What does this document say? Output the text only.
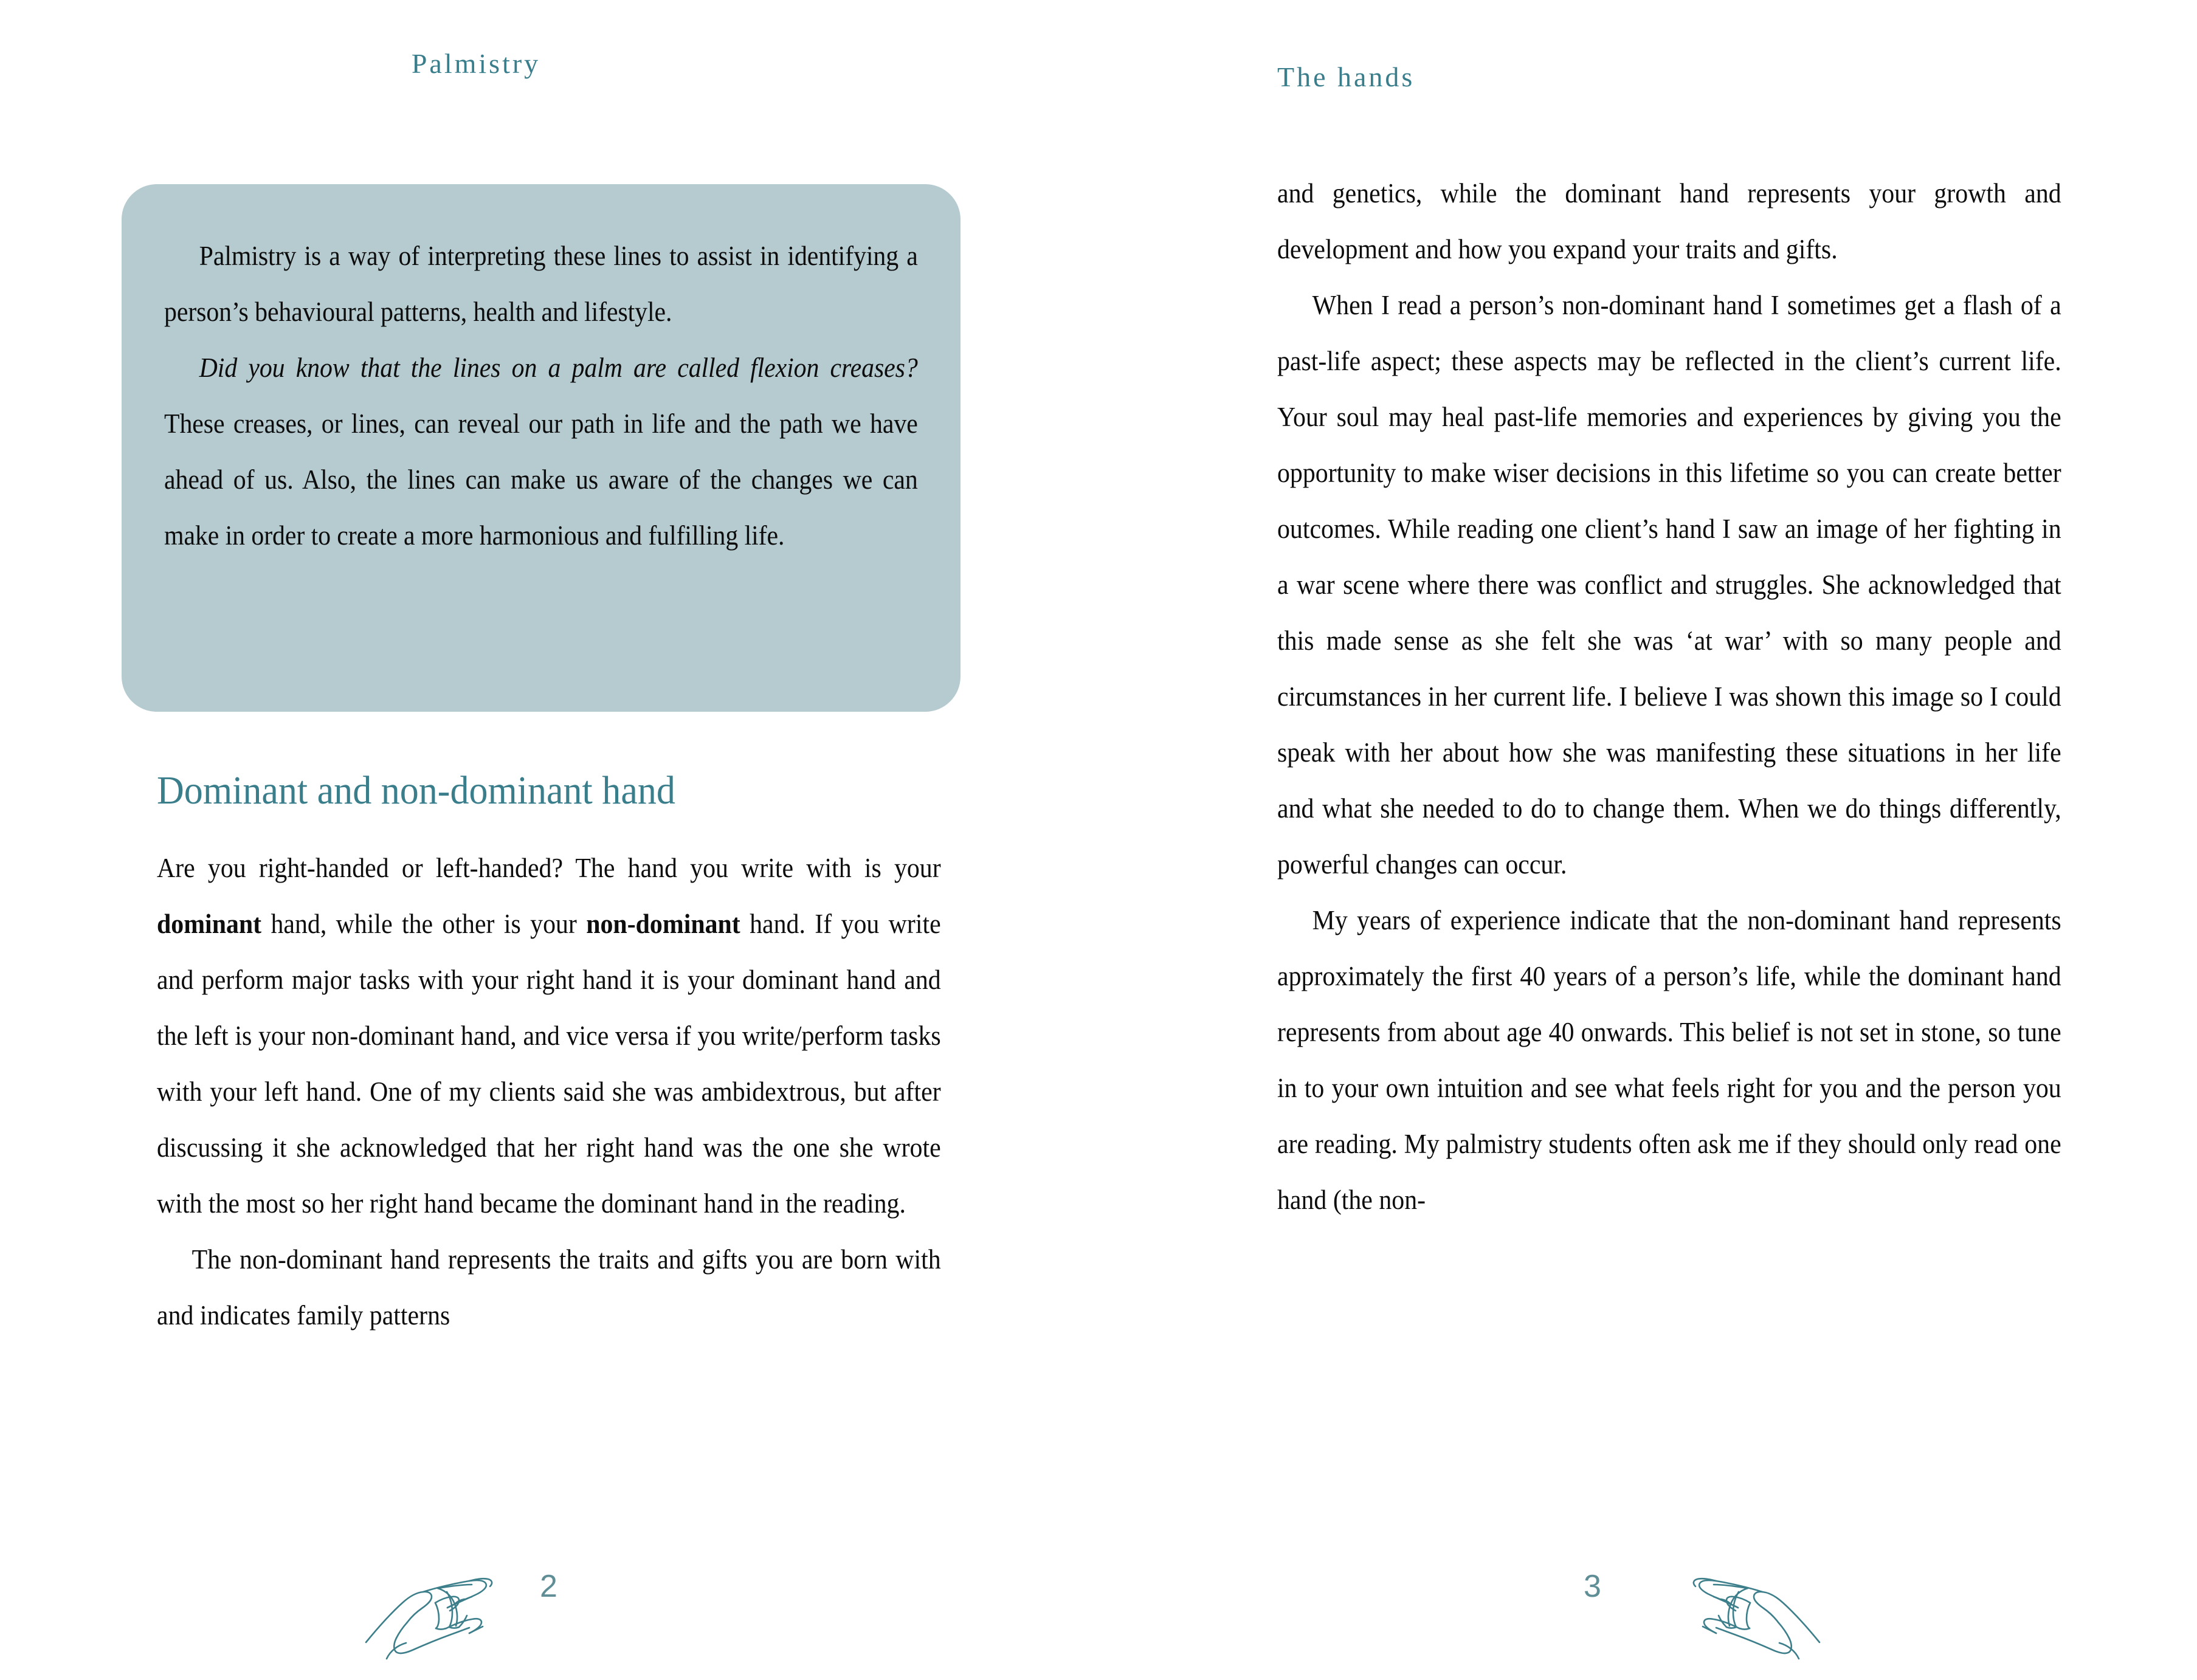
Palmistry

Palmistry is a way of interpreting these lines to assist in identifying a person’s behavioural patterns, health and lifestyle.

Did you know that the lines on a palm are called flexion creases? These creases, or lines, can reveal our path in life and the path we have ahead of us. Also, the lines can make us aware of the changes we can make in order to create a more harmonious and fulfilling life.

Dominant and non-dominant hand

Are you right-handed or left-handed? The hand you write with is your dominant hand, while the other is your non-dominant hand. If you write and perform major tasks with your right hand it is your dominant hand and the left is your non-dominant hand, and vice versa if you write/perform tasks with your left hand. One of my clients said she was ambidextrous, but after discussing it she acknowledged that her right hand was the one she wrote with the most so her right hand became the dominant hand in the reading.

The non-dominant hand represents the traits and gifts you are born with and indicates family patterns

2
The hands

and genetics, while the dominant hand represents your growth and development and how you expand your traits and gifts.

When I read a person’s non-dominant hand I sometimes get a flash of a past-life aspect; these aspects may be reflected in the client’s current life. Your soul may heal past-life memories and experiences by giving you the opportunity to make wiser decisions in this lifetime so you can create better outcomes. While reading one client’s hand I saw an image of her fighting in a war scene where there was conflict and struggles. She acknowledged that this made sense as she felt she was ‘at war’ with so many people and circumstances in her current life. I believe I was shown this image so I could speak with her about how she was manifesting these situations in her life and what she needed to do to change them. When we do things differently, powerful changes can occur.

My years of experience indicate that the non-dominant hand represents approximately the first 40 years of a person’s life, while the dominant hand represents from about age 40 onwards. This belief is not set in stone, so tune in to your own intuition and see what feels right for you and the person you are reading. My palmistry students often ask me if they should only read one hand (the non-

3
